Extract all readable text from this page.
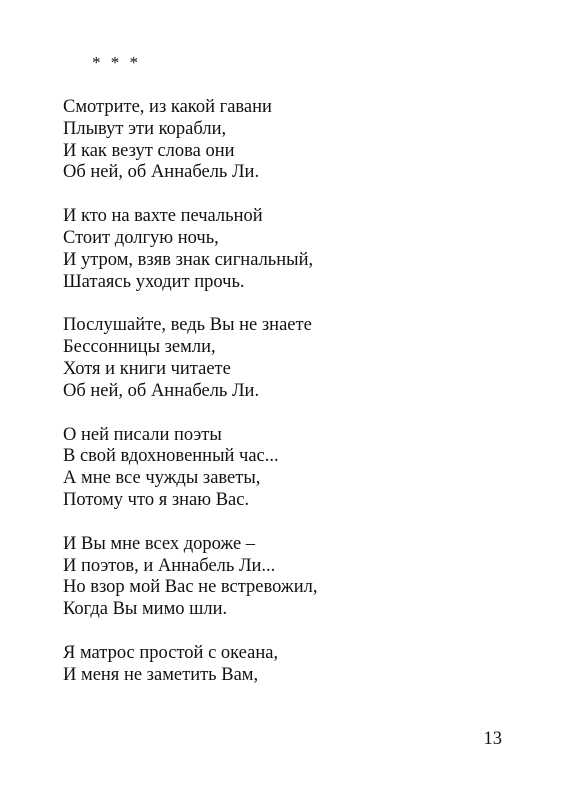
* * *
Смотрите, из какой гавани
Плывут эти корабли,
И как везут слова они
Об ней, об Аннабель Ли.
И кто на вахте печальной
Стоит долгую ночь,
И утром, взяв знак сигнальный,
Шатаясь уходит прочь.
Послушайте, ведь Вы не знаете
Бессонницы земли,
Хотя и книги читаете
Об ней, об Аннабель Ли.
О ней писали поэты
В свой вдохновенный час...
А мне все чужды заветы,
Потому что я знаю Вас.
И Вы мне всех дороже –
И поэтов, и Аннабель Ли...
Но взор мой Вас не встревожил,
Когда Вы мимо шли.
Я матрос простой с океана,
И меня не заметить Вам,
13
